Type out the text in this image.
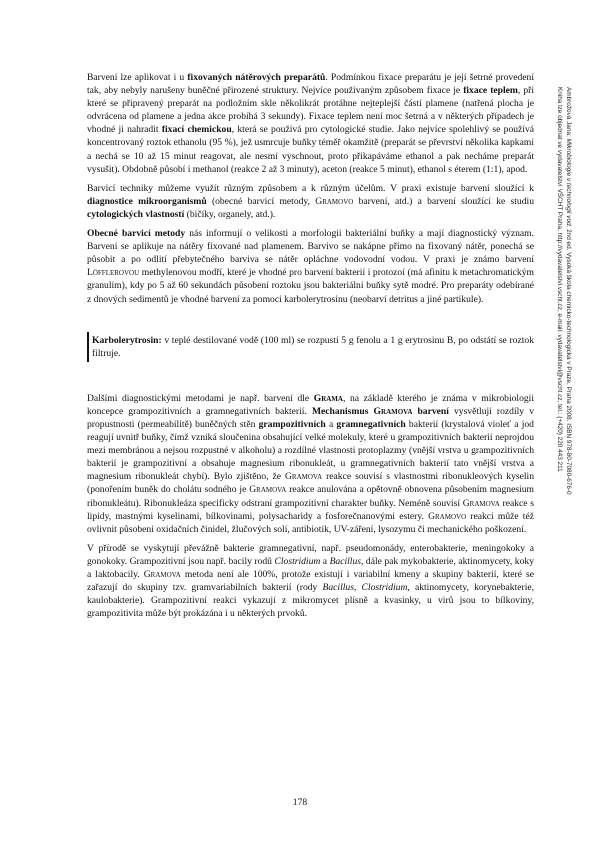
Barvení lze aplikovat i u fixovaných nátěrových preparátů. Podmínkou fixace preparátu je její šetrné provedení tak, aby nebyly narušeny buněčné přirozené struktury. Nejvíce používaným způsobem fixace je fixace teplem, při které se připravený preparát na podložním skle několikrát protáhne nejteplejší částí plamene (natřená plocha je odvrácena od plamene a jedna akce probíhá 3 sekundy). Fixace teplem není moc šetrná a v některých případech je vhodné ji nahradit fixací chemickou, která se používá pro cytologické studie. Jako nejvíce spolehlivý se používá koncentrovaný roztok ethanolu (95 %), jež usmrcuje buňky téměř okamžitě (preparát se převrství několika kapkami a nechá se 10 až 15 minut reagovat, ale nesmí vyschnout, proto přikapáváme ethanol a pak necháme preparát vysušit). Obdobně působí i methanol (reakce 2 až 3 minuty), aceton (reakce 5 minut), ethanol s éterem (1:1), apod.

Barvicí techniky můžeme využít různým způsobem a k různým účelům. V praxi existuje barvení sloužící k diagnostice mikroorganismů (obecné barvicí metody, Gramovo barvení, atd.) a barvení sloužící ke studiu cytologických vlastností (bičíky, organely, atd.).

Obecné barvicí metody nás informují o velikosti a morfologii bakteriální buňky a mají diagnostický význam. Barvení se aplikuje na nátěry fixované nad plamenem. Barvivo se nakápne přímo na fixovaný nátěr, ponechá se působit a po odlití přebytečného barviva se nátěr opláchne vodovodní vodou. V praxi je známo barvení Löfflerovou methylenovou modří, které je vhodné pro barvení bakterií i protozoí (má afinitu k metachromatickým granulím), kdy po 5 až 60 sekundách působení roztoku jsou bakteriální buňky sytě modré. Pro preparáty odebírané z dnových sedimentů je vhodné barvení za pomoci karbolerytrosinu (neobarví detritus a jiné partikule).

Karbolerytrosin: v teplé destilované vodě (100 ml) se rozpustí 5 g fenolu a 1 g erytrosinu B, po odstátí se roztok filtruje.

Dalšími diagnostickými metodami je např. barvení dle Grama, na základě kterého je známa v mikrobiologii koncepce grampozitivních a gramnegativních bakterií. Mechanismus Gramova barvení vysvětlují rozdíly v propustnosti (permeabilitě) buněčných stěn grampozitivních a gramnegativních bakterií (krystalová violeť a jod reagují uvnitř buňky, čímž vzniká sloučenina obsahující velké molekuly, které u grampozitivních bakterií neprojdou mezi membránou a nejsou rozpustné v alkoholu) a rozdílné vlastnosti protoplazmy (vnější vrstva u grampozitivních bakterií je grampozitivní a obsahuje magnesium ribonukleát, u gramnegativních bakterií tato vnější vrstva a magnesium ribonukleát chybí). Bylo zjištěno, že Gramova reakce souvisí s vlastnostmi ribonukleových kyselin (ponořením buněk do cholátu sodného je Gramova reakce anulována a opětovně obnovena působením magnesium ribonukleátu). Ribonukleáza specificky odstraní grampozitivní charakter buňky. Neméně souvisí Gramova reakce s lipidy, mastnými kyselinami, bílkovinami, polysacharidy a fosforečnanovými estery. Gramovo reakci může též ovlivnit působení oxidačních činidel, žlučových solí, antibiotik, UV-záření, lysozymu či mechanického poškození.

V přírodě se vyskytují převážně bakterie gramnegativní, např. pseudomonády, enterobakterie, meningokoky a gonokoky. Grampozitivní jsou např. bacily rodů Clostridium a Bacillus, dále pak mykobakterie, aktinomycety, koky a laktobacily. Gramova metoda není ale 100%, protože existují i variabilní kmeny a skupiny bakterií, které se zařazují do skupiny tzv. gramvariabilních bakterií (rody Bacillus, Clostridium, aktinomycety, korynebakterie, kaulobakterie). Grampozitivní reakci vykazují z mikromycet plísně a kvasinky, u virů jsou to bílkoviny, grampozitivita může být prokázána i u některých prvoků.

178
Ambrožová Jana: Mikrobiologie v technologii vod. 2nd ed. Vysoká škola chemicko-technologická v Praze, Praha 2008. ISBN 978-80-7080-676-0
Kniha lze objednat ve vydavatelství VŠCHT Praha, http://vydavatelstvi.vscht.cz, e-mail: vydavatelstvi@vscht.cz, tel.: (+420) 220 443 211
